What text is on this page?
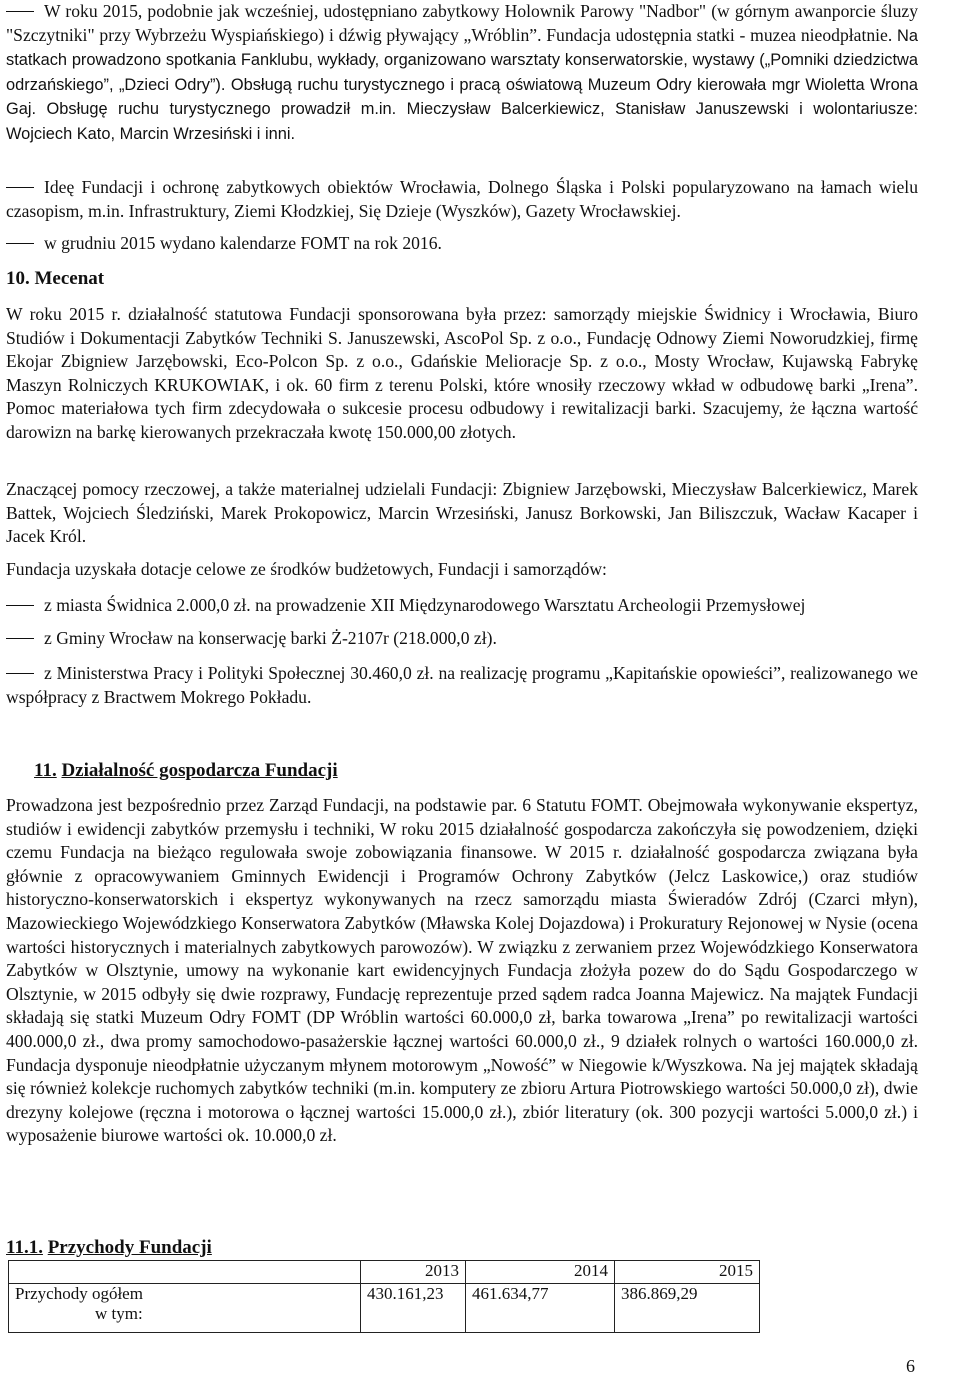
W roku 2015, podobnie jak wcześniej, udostępniano zabytkowy Holownik Parowy "Nadbor" (w górnym awanporcie śluzy "Szczytniki" przy Wybrzeżu Wyspiańskiego) i dźwig pływający „Wróblin”. Fundacja udostępnia statki - muzea nieodpłatnie. Na statkach prowadzono spotkania Fanklubu, wykłady, organizowano warsztaty konserwatorskie, wystawy („Pomniki dziedzictwa odrzańskiego”, „Dzieci Odry”). Obsługą ruchu turystycznego i pracą oświatową Muzeum Odry kierowała mgr Wioletta Wrona Gaj. Obsługę ruchu turystycznego prowadził m.in. Mieczysław Balcerkiewicz, Stanisław Januszewski i wolontariusze: Wojciech Kato, Marcin Wrzesiński i inni.

Ideę Fundacji i ochronę zabytkowych obiektów Wrocławia, Dolnego Śląska i Polski popularyzowano na łamach wielu czasopism, m.in. Infrastruktury, Ziemi Kłodzkiej, Się Dzieje (Wyszków), Gazety Wrocławskiej.

w grudniu 2015 wydano kalendarze FOMT na rok 2016.

10. Mecenat

W roku 2015 r. działalność statutowa Fundacji sponsorowana była przez: samorządy miejskie Świdnicy i Wrocławia, Biuro Studiów i Dokumentacji Zabytków Techniki S. Januszewski, AscoPol Sp. z o.o., Fundację Odnowy Ziemi Noworudzkiej, firmę Ekojar Zbigniew Jarzębowski, Eco-Polcon Sp. z o.o., Gdańskie Melioracje Sp. z o.o., Mosty Wrocław, Kujawską Fabrykę Maszyn Rolniczych KRUKOWIAK, i ok. 60 firm z terenu Polski, które wnosiły rzeczowy wkład w odbudowę barki „Irena”. Pomoc materiałowa tych firm zdecydowała o sukcesie procesu odbudowy i rewitalizacji barki. Szacujemy, że łączna wartość darowizn na barkę kierowanych przekraczała kwotę 150.000,00 złotych.

Znaczącej pomocy rzeczowej, a także materialnej udzielali Fundacji: Zbigniew Jarzębowski, Mieczysław Balcerkiewicz, Marek Battek, Wojciech Śledziński, Marek Prokopowicz, Marcin Wrzesiński, Janusz Borkowski, Jan Biliszczuk, Wacław Kacaper i Jacek Król.

Fundacja uzyskała dotacje celowe ze środków budżetowych, Fundacji i samorządów:

z miasta Świdnica 2.000,0 zł. na prowadzenie XII Międzynarodowego Warsztatu Archeologii Przemysłowej

z Gminy Wrocław na konserwację barki Ż-2107r (218.000,0 zł).

z Ministerstwa Pracy i Polityki Społecznej 30.460,0 zł. na realizację programu „Kapitańskie opowieści”, realizowanego we współpracy z Bractwem Mokrego Pokładu.

11. Działalność gospodarcza Fundacji

Prowadzona jest bezpośrednio przez Zarząd Fundacji, na podstawie par. 6 Statutu FOMT. Obejmowała wykonywanie ekspertyz, studiów i ewidencji zabytków przemysłu i techniki, W roku 2015 działalność gospodarcza zakończyła się powodzeniem, dzięki czemu Fundacja na bieżąco regulowała swoje zobowiązania finansowe. W 2015 r. działalność gospodarcza związana była głównie z opracowywaniem Gminnych Ewidencji i Programów Ochrony Zabytków (Jelcz Laskowice,) oraz studiów historyczno-konserwatorskich i ekspertyz wykonywanych na rzecz samorządu miasta Świeradów Zdrój (Czarci młyn), Mazowieckiego Wojewódzkiego Konserwatora Zabytków (Mławska Kolej Dojazdowa) i Prokuratury Rejonowej w Nysie (ocena wartości historycznych i materialnych zabytkowych parowozów). W związku z zerwaniem przez Wojewódzkiego Konserwatora Zabytków w Olsztynie, umowy na wykonanie kart ewidencyjnych Fundacja złożyła pozew do do Sądu Gospodarczego w Olsztynie, w 2015 odbyły się dwie rozprawy, Fundację reprezentuje przed sądem radca Joanna Majewicz. Na majątek Fundacji składają się statki Muzeum Odry FOMT (DP Wróblin wartości 60.000,0 zł, barka towarowa „Irena” po rewitalizacji wartości 400.000,0 zł., dwa promy samochodowo-pasażerskie łącznej wartości 60.000,0 zł., 9 działek rolnych o wartości 160.000,0 zł. Fundacja dysponuje nieodpłatnie użyczanym młynem motorowym „Nowość” w Niegowie k/Wyszkowa. Na jej majątek składają się również kolekcje ruchomych zabytków techniki (m.in. komputery ze zbioru Artura Piotrowskiego wartości 50.000,0 zł), dwie drezyny kolejowe (ręczna i motorowa o łącznej wartości 15.000,0 zł.), zbiór literatury (ok. 300 pozycji wartości 5.000,0 zł.) i wyposażenie biurowe wartości ok. 10.000,0 zł.

11.1. Przychody Fundacji
	2013	2014	2015

Przychody ogółem
w tym:	430.161,23	461.634,77	386.869,29
6
